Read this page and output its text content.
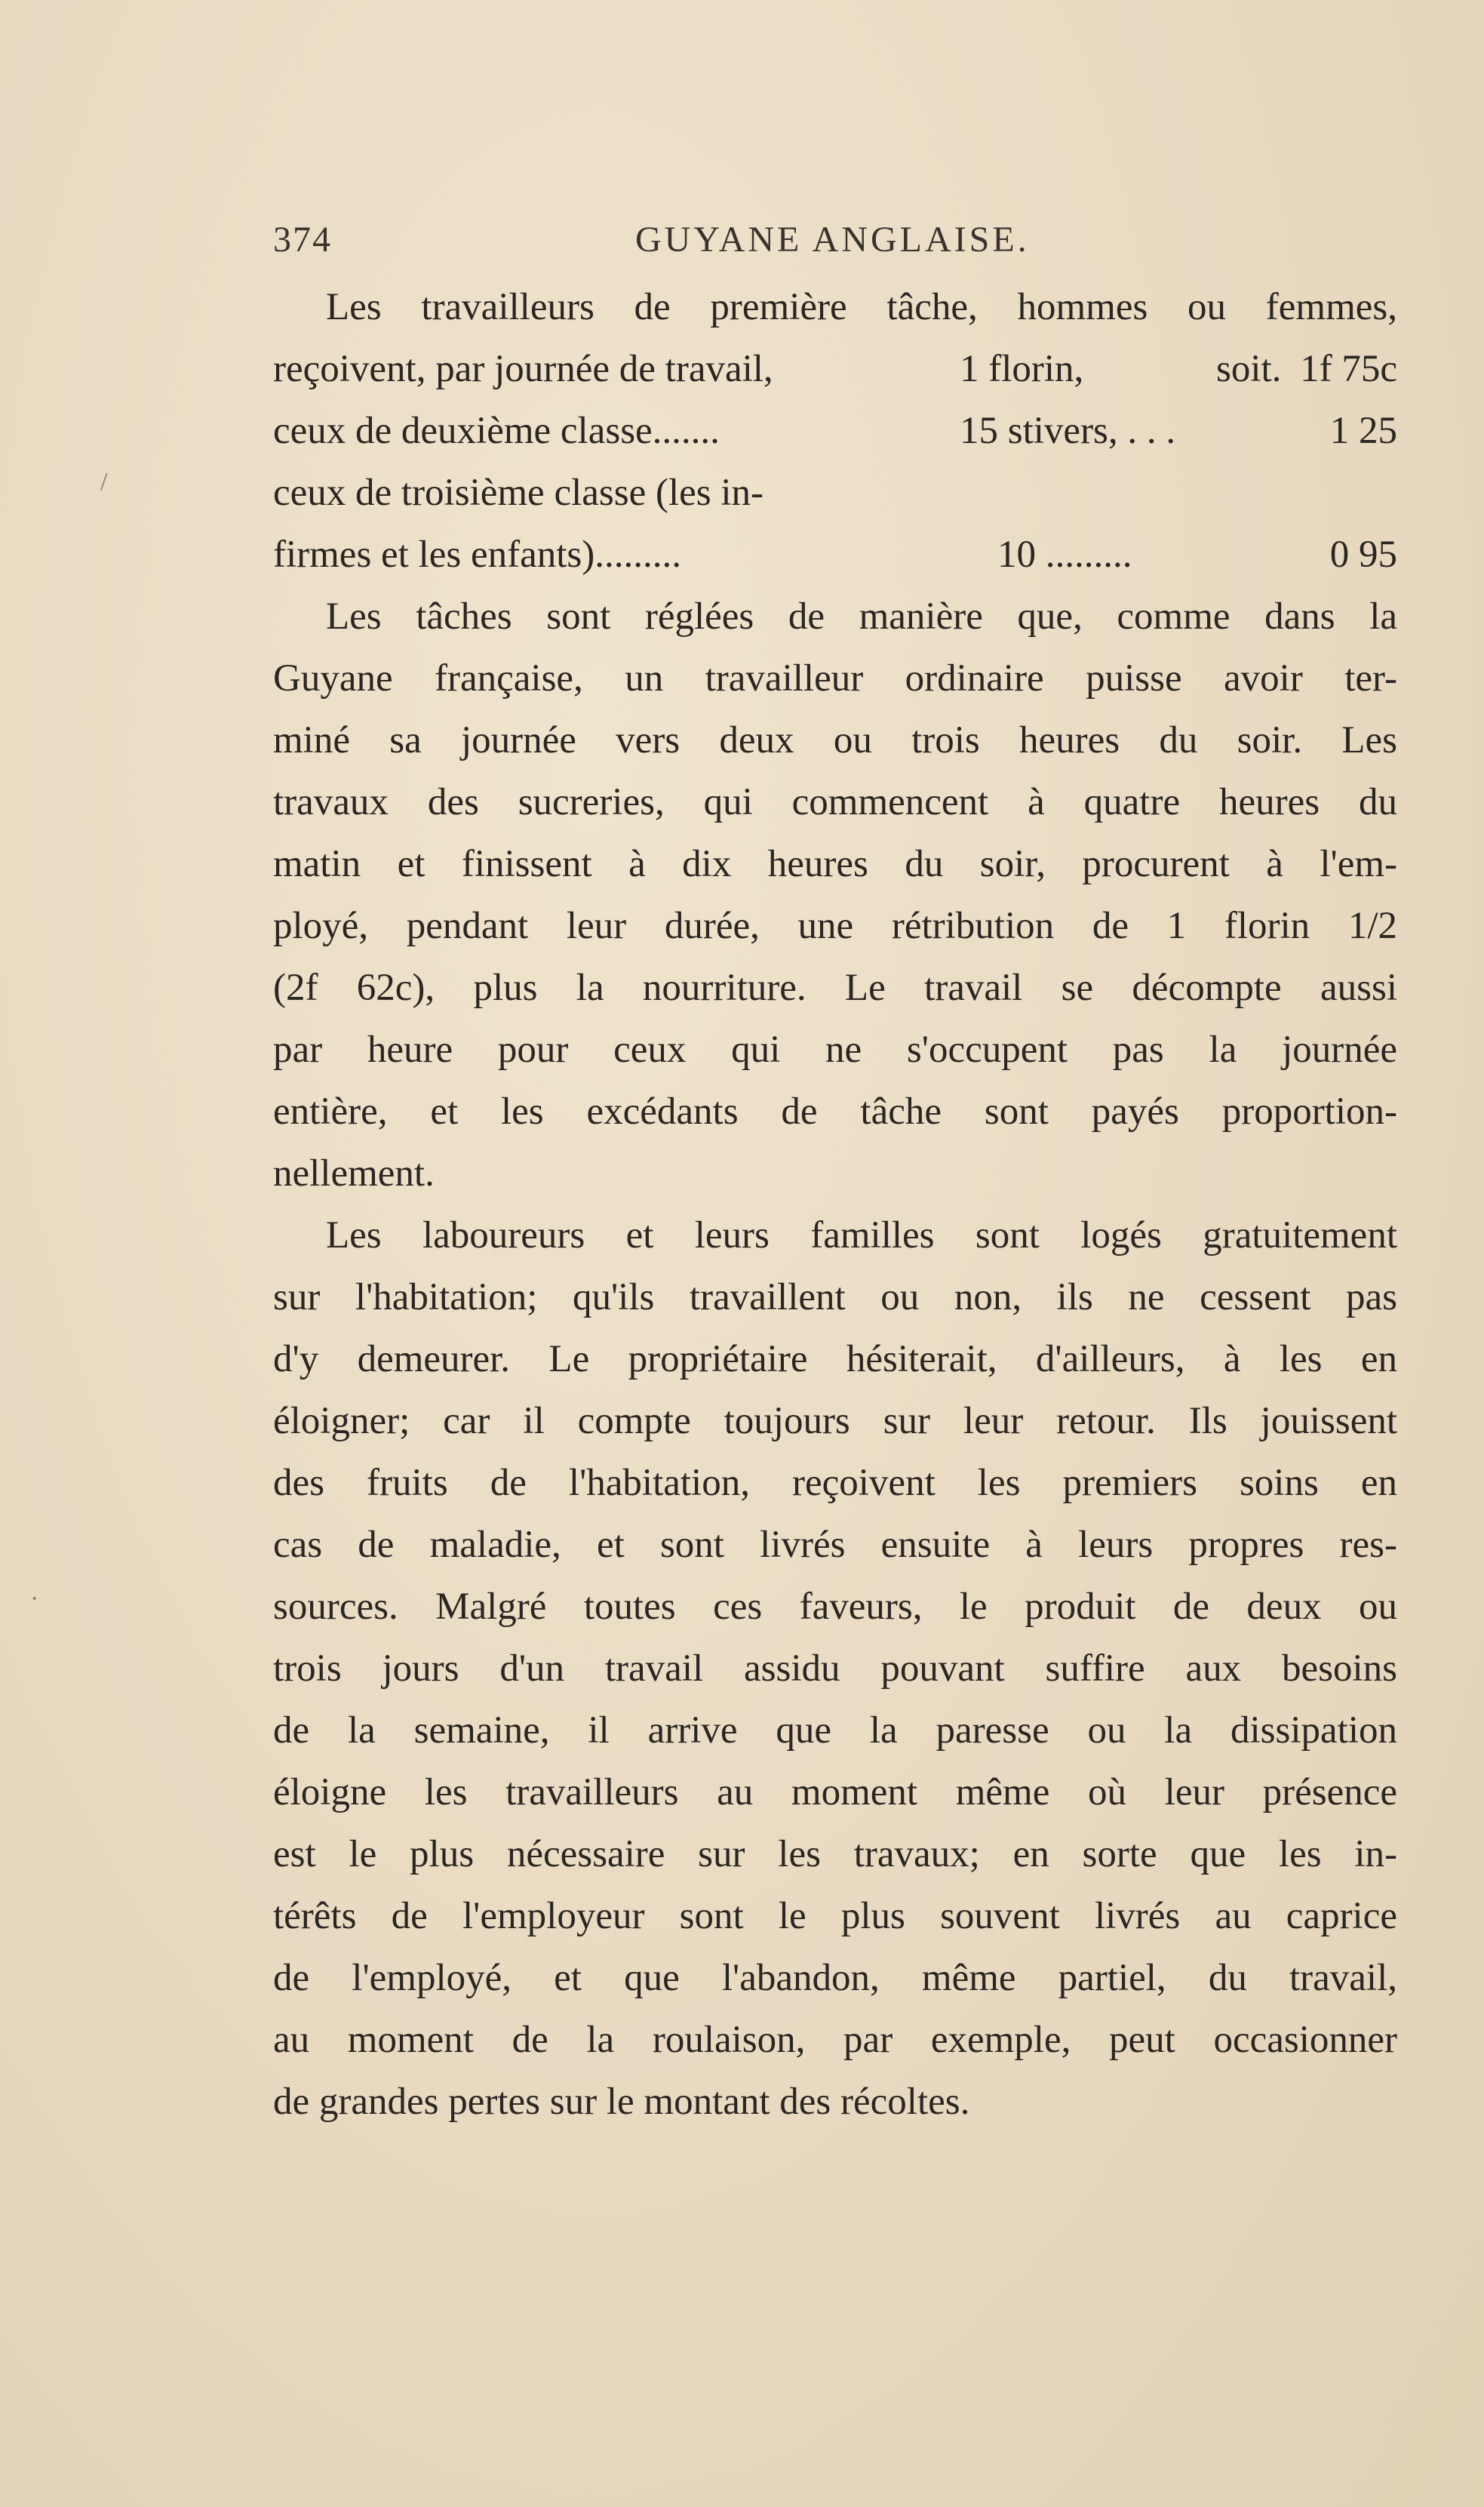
/
·
374	GUYANE ANGLAISE.
Les travailleurs de première tâche, hommes ou femmes,
reçoivent, par journée de travail,	1 florin,	soit. 1f 75c
ceux de deuxième classe.......	15 stivers, . . .	1 25
ceux de troisième classe (les in-
firmes et les enfants).........	10 .........	0 95
Les tâches sont réglées de manière que, comme dans la
Guyane française, un travailleur ordinaire puisse avoir ter-
miné sa journée vers deux ou trois heures du soir. Les
travaux des sucreries, qui commencent à quatre heures du
matin et finissent à dix heures du soir, procurent à l'em-
ployé, pendant leur durée, une rétribution de 1 florin 1/2
(2f 62c), plus la nourriture. Le travail se décompte aussi
par heure pour ceux qui ne s'occupent pas la journée
entière, et les excédants de tâche sont payés proportion-
nellement.
Les laboureurs et leurs familles sont logés gratuitement
sur l'habitation; qu'ils travaillent ou non, ils ne cessent pas
d'y demeurer. Le propriétaire hésiterait, d'ailleurs, à les en
éloigner; car il compte toujours sur leur retour. Ils jouissent
des fruits de l'habitation, reçoivent les premiers soins en
cas de maladie, et sont livrés ensuite à leurs propres res-
sources. Malgré toutes ces faveurs, le produit de deux ou
trois jours d'un travail assidu pouvant suffire aux besoins
de la semaine, il arrive que la paresse ou la dissipation
éloigne les travailleurs au moment même où leur présence
est le plus nécessaire sur les travaux; en sorte que les in-
térêts de l'employeur sont le plus souvent livrés au caprice
de l'employé, et que l'abandon, même partiel, du travail,
au moment de la roulaison, par exemple, peut occasionner
de grandes pertes sur le montant des récoltes.
